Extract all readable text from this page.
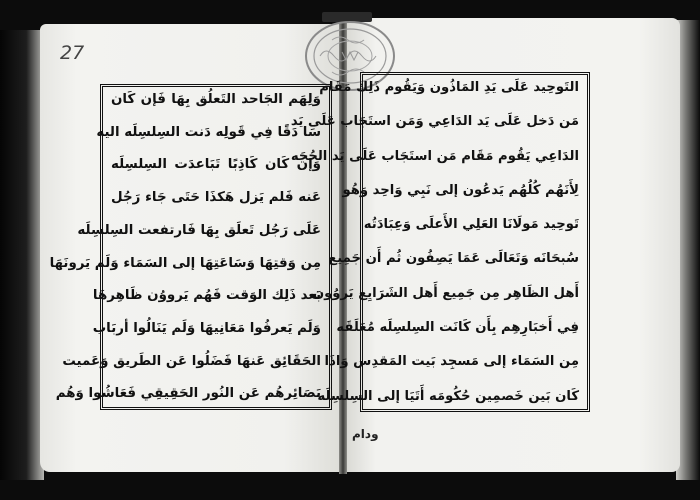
27
وَلِهَم الجَاحد التَعلُق بِهَا فَإن كَان
سَا دَقًا فِي قَولِه دَنت السِلسِلَه اليه
وَإن كَان كَاذِبًا تَبَاعدَت السِلسِلَه
عَنه فَلم يَزل هَكذَا حَتَى جَاء رَجُل
عَلَى رَجُل تَعلَق بِهَا فَارتفعت السِلسِلَه
مِن وَقتِهَا وَسَاعَتِهَا إلى السَمَاء وَلَم يَرونَهَا
بَعد ذَلِك الوَقت فَهُم يَرووُن ظَاهِرهَا
وَلَم يَعرفُوا مَعَانِيهَا وَلَم يَنَالُوا أربَاب
الحَقَائِق عَنهَا فَضَلُوا عَن الطَريق وَعَميت
بَصَائِرهُم عَن النُور الحَقِيقِي فَعَاشُوا وَهُم
التَوحِيد عَلَى يَدِ المَاذُون وَيَقُوم ذَلِك مَقَام
مَن دَخل عَلَى يَد الدَاعِي وَمَن استَجَاب عَلَى يَد
الدَاعِي يَقُوم مَقَام مَن استَجَاب عَلَى يَد الحُجَه
لِأَنَهُم كُلُهُم يَدعُون إلى نَبِي وَاحِد وَهُو
تَوحِيد مَولَانَا العَلِي الأَعلَى وَعِبَادَتُه
سُبحَانَه وَتَعَالَى عَمَا يَصِفُون ثُم أَن جَمِيع
أَهل الظَاهِر مِن جَمِيع أَهل الشَرَايِع يَروُون
فِي أَخبَارِهِم بِأَن كَانَت السِلسِلَه مُعَلَقَه
مِن السَمَاء إلى مَسجِد بَيت المَقدِس وَاذَا
كَان بَين خَصمِين حُكُومَه أَتَيَا إلى السِلسِلَه
ودام
